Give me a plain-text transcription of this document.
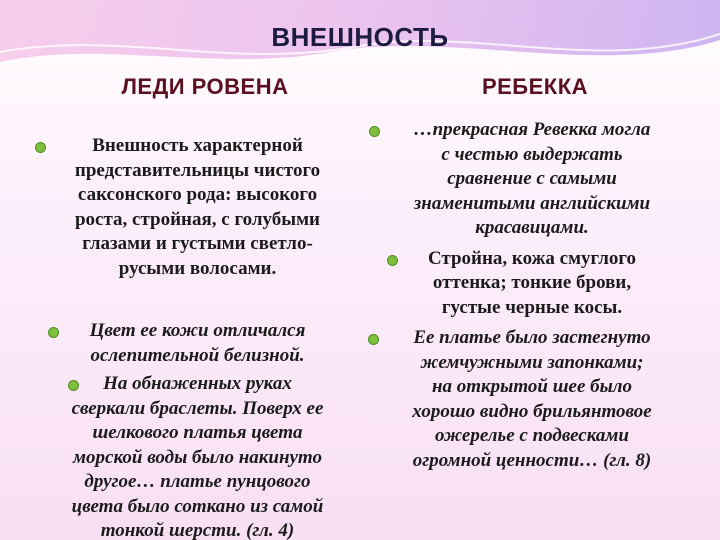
ВНЕШНОСТЬ
ЛЕДИ РОВЕНА	РЕБЕККА
Внешность характерной
представительницы чистого
саксонского рода: высокого
роста, стройная, с голубыми
глазами и густыми светло-
русыми волосами.
Цвет ее кожи отличался
ослепительной белизной.
На обнаженных руках
сверкали браслеты. Поверх ее
шелкового платья цвета
морской воды было накинуто
другое… платье пунцового
цвета было соткано из самой
тонкой шерсти. (гл. 4)
…прекрасная Ревекка могла
с честью выдержать
сравнение с самыми
знаменитыми английскими
красавицами.
Стройна, кожа смуглого
оттенка; тонкие брови,
густые черные косы.
Ее платье было застегнуто
жемчужными запонками;
на открытой шее было
хорошо видно брильянтовое
ожерелье с подвесками
огромной ценности… (гл. 8)
